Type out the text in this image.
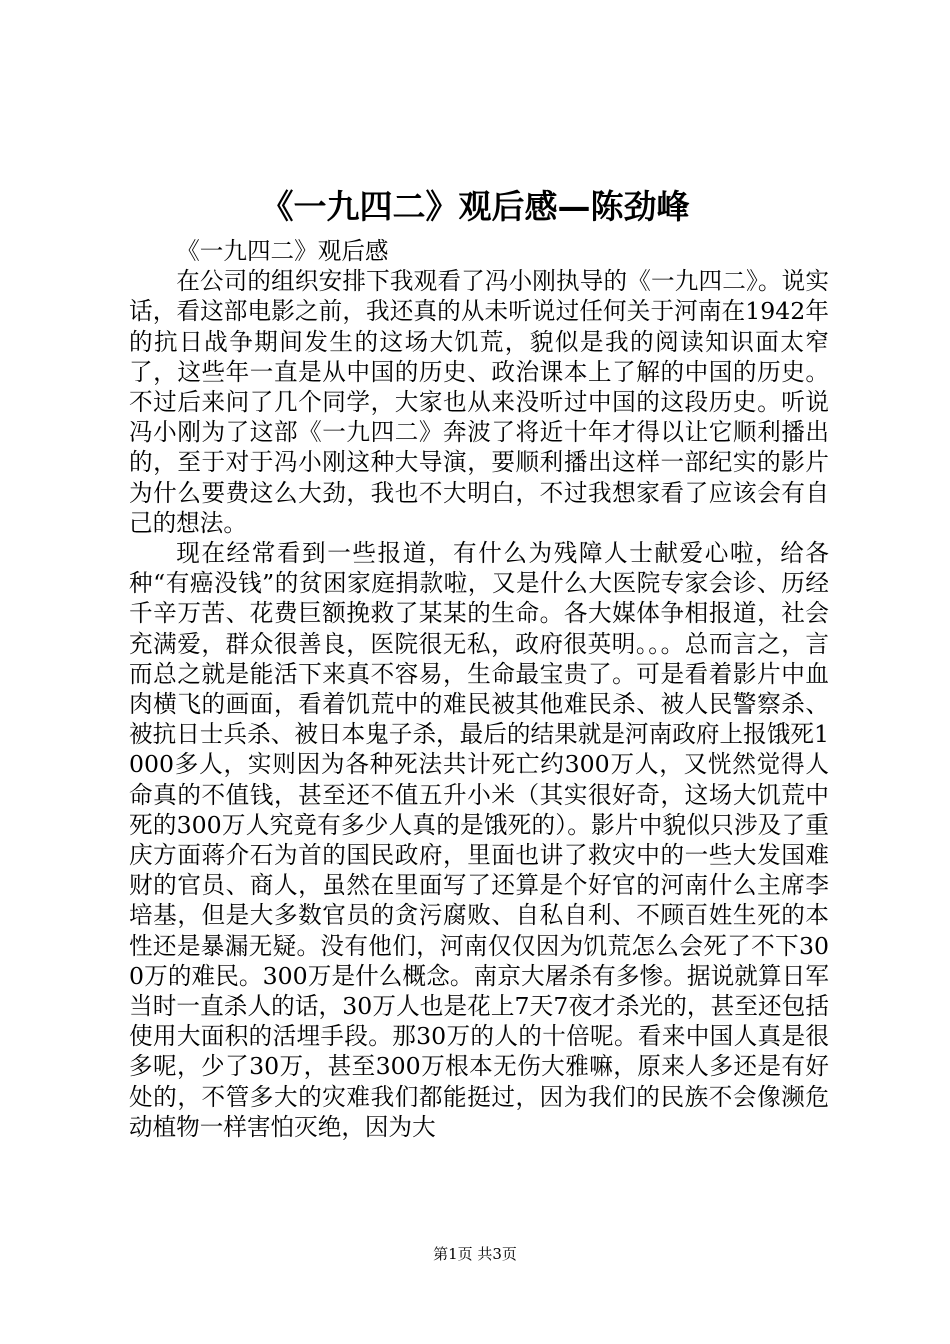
《一九四二》观后感—陈劲峰

《一九四二》观后感

在公司的组织安排下我观看了冯小刚执导的《一九四二》。说实话，看这部电影之前，我还真的从未听说过任何关于河南在1942年的抗日战争期间发生的这场大饥荒，貌似是我的阅读知识面太窄了，这些年一直是从中国的历史、政治课本上了解的中国的历史。不过后来问了几个同学，大家也从来没听过中国的这段历史。听说冯小刚为了这部《一九四二》奔波了将近十年才得以让它顺利播出的，至于对于冯小刚这种大导演，要顺利播出这样一部纪实的影片为什么要费这么大劲，我也不大明白，不过我想家看了应该会有自己的想法。

现在经常看到一些报道，有什么为残障人士献爱心啦，给各种“有癌没钱”的贫困家庭捐款啦，又是什么大医院专家会诊、历经千辛万苦、花费巨额挽救了某某的生命。各大媒体争相报道，社会充满爱，群众很善良，医院很无私，政府很英明。。。总而言之，言而总之就是能活下来真不容易，生命最宝贵了。可是看着影片中血肉横飞的画面，看着饥荒中的难民被其他难民杀、被人民警察杀、被抗日士兵杀、被日本鬼子杀，最后的结果就是河南政府上报饿死1000多人，实则因为各种死法共计死亡约300万人，又恍然觉得人命真的不值钱，甚至还不值五升小米（其实很好奇，这场大饥荒中死的300万人究竟有多少人真的是饿死的）。影片中貌似只涉及了重庆方面蒋介石为首的国民政府，里面也讲了救灾中的一些大发国难财的官员、商人，虽然在里面写了还算是个好官的河南什么主席李培基，但是大多数官员的贪污腐败、自私自利、不顾百姓生死的本性还是暴漏无疑。没有他们，河南仅仅因为饥荒怎么会死了不下300万的难民。300万是什么概念。南京大屠杀有多惨。据说就算日军当时一直杀人的话，30万人也是花上7天7夜才杀光的，甚至还包括使用大面积的活埋手段。那30万的人的十倍呢。看来中国人真是很多呢，少了30万，甚至300万根本无伤大雅嘛，原来人多还是有好处的，不管多大的灾难我们都能挺过，因为我们的民族不会像濒危动植物一样害怕灭绝，因为大

第1页 共3页
